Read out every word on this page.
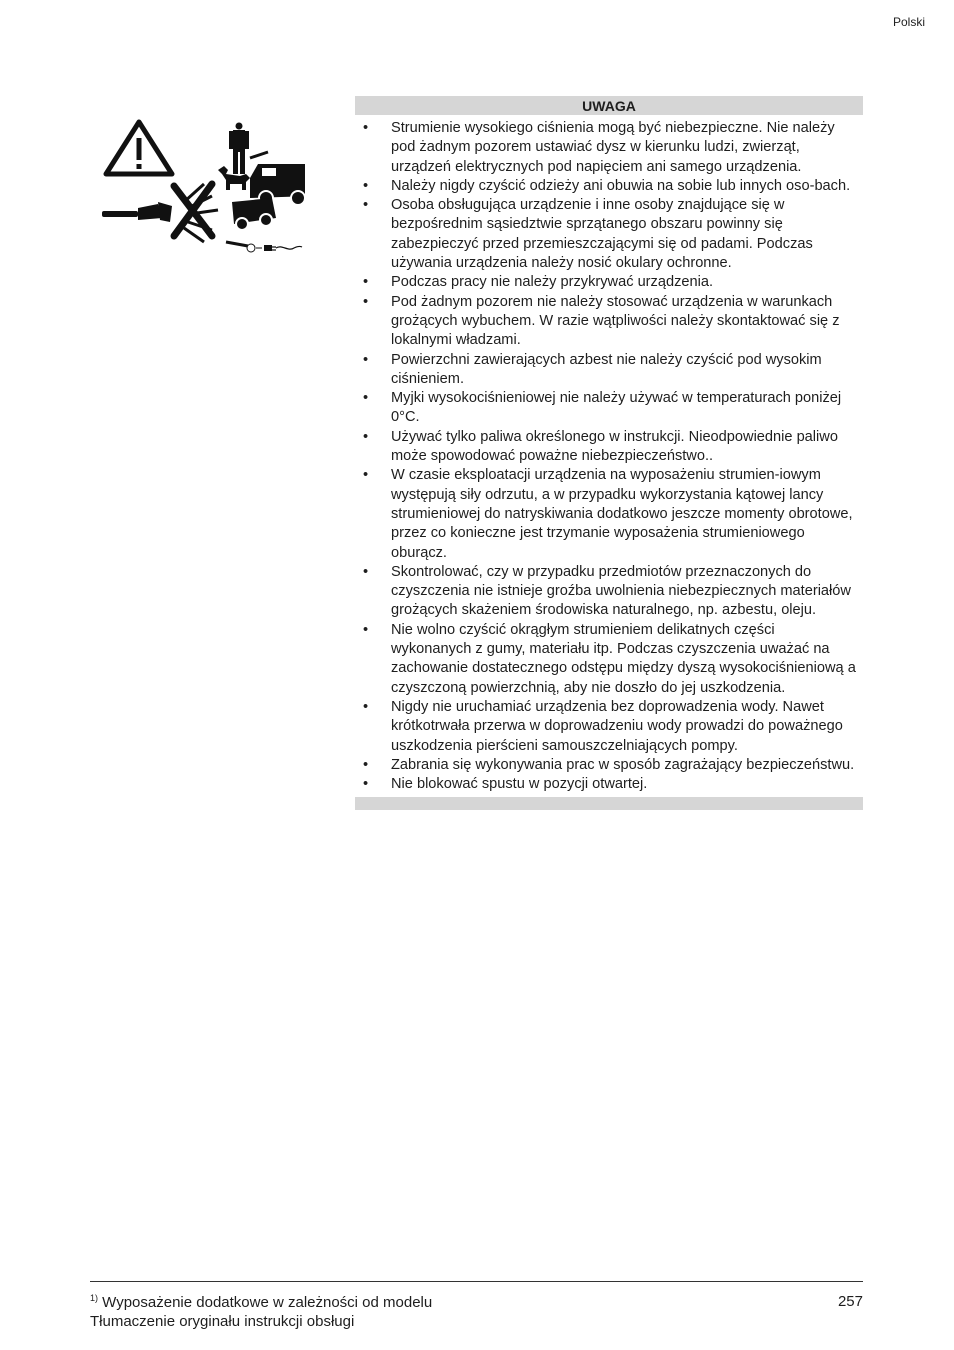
Polski
UWAGA
• Strumienie wysokiego ciśnienia mogą być niebezpieczne. Nie należy pod żadnym pozorem ustawiać dysz w kierunku ludzi, zwierząt, urządzeń elektrycznych pod napięciem ani samego urządzenia.
• Należy nigdy czyścić odzieży ani obuwia na sobie lub innych oso-bach.
• Osoba obsługująca urządzenie i inne osoby znajdujące się w bezpośrednim sąsiedztwie sprzątanego obszaru powinny się zabezpieczyć przed przemieszczającymi się od padami. Podczas używania urządzenia należy nosić okulary ochronne.
• Podczas pracy nie należy przykrywać urządzenia.
• Pod żadnym pozorem nie należy stosować urządzenia w warunkach grożących wybuchem. W razie wątpliwości należy skontaktować się z lokalnymi władzami.
• Powierzchni zawierających azbest nie należy czyścić pod wysokim ciśnieniem.
• Myjki wysokociśnieniowej nie należy używać w temperaturach poniżej 0°C.
• Używać tylko paliwa określonego w instrukcji. Nieodpowiednie paliwo może spowodować poważne niebezpieczeństwo..
• W czasie eksploatacji urządzenia na wyposażeniu strumien-iowym występują siły odrzutu, a w przypadku wykorzystania kątowej lancy strumieniowej do natryskiwania dodatkowo jeszcze momenty obrotowe, przez co konieczne jest trzymanie wyposażenia strumieniowego oburącz.
• Skontrolować, czy w przypadku przedmiotów przeznaczonych do czyszczenia nie istnieje groźba uwolnienia niebezpiecznych materiałów grożących skażeniem środowiska naturalnego, np. azbestu, oleju.
• Nie wolno czyścić okrągłym strumieniem delikatnych części wykonanych z gumy, materiału itp. Podczas czyszczenia uważać na zachowanie dostatecznego odstępu między dyszą wysokociśnieniową a czyszczoną powierzchnią, aby nie doszło do jej uszkodzenia.
• Nigdy nie uruchamiać urządzenia bez doprowadzenia wody. Nawet krótkotrwała przerwa w doprowadzeniu wody prowadzi do poważnego uszkodzenia pierścieni samouszczelniających pompy.
• Zabrania się wykonywania prac w sposób zagrażający bezpieczeństwu.
• Nie blokować spustu w pozycji otwartej.
$^{1)}$ Wyposażenie dodatkowe w zależności od modelu
Tłumaczenie oryginału instrukcji obsługi
257
